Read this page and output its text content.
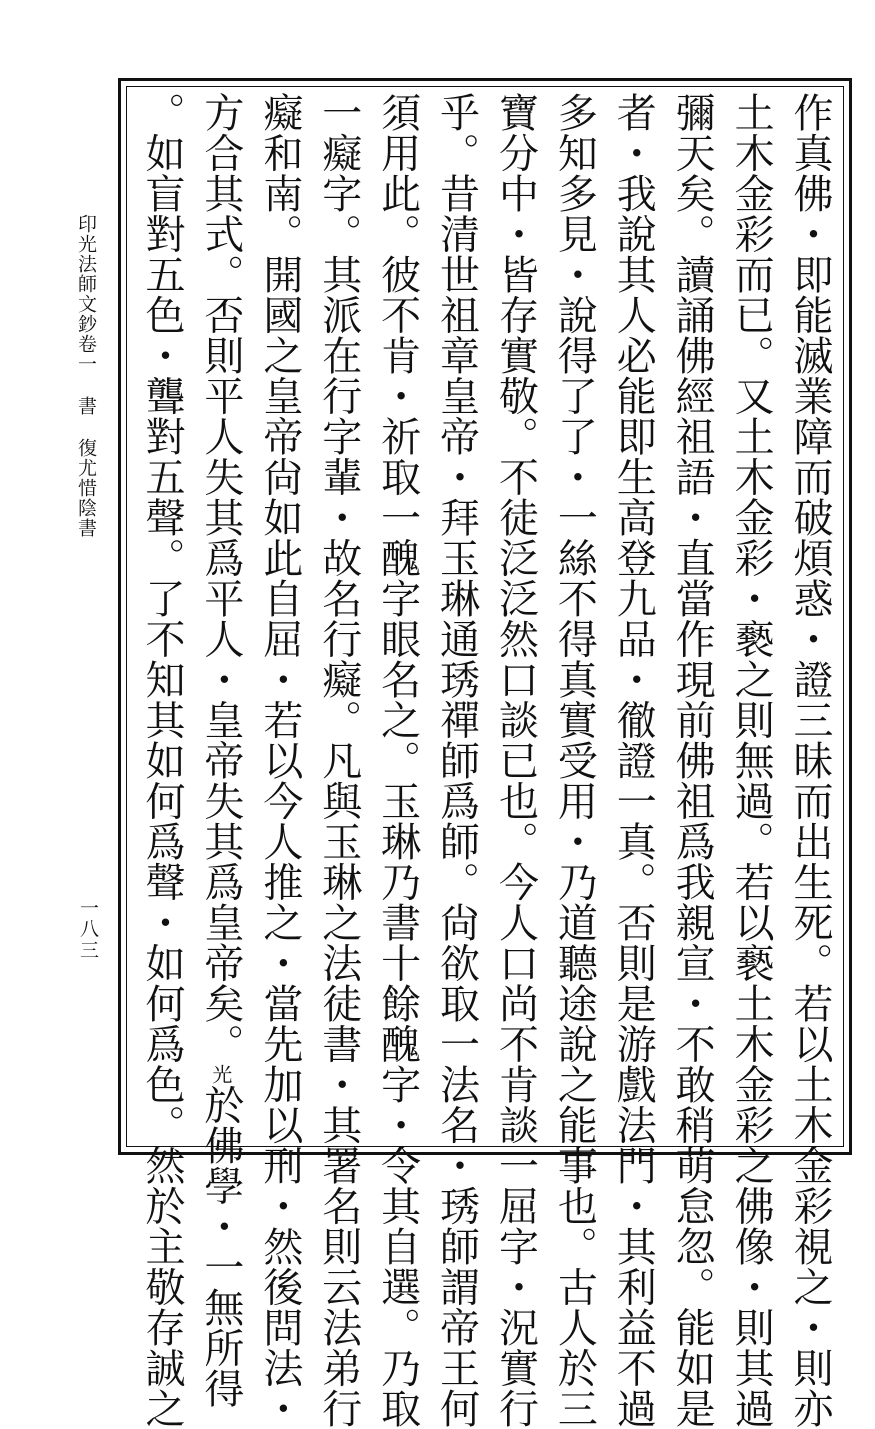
印光法師文鈔卷一書復尤惜陰書
一八三	作真佛・即能滅業障而破煩惑・證三昧而出生死。若以土木金彩視之・則亦
土木金彩而已。又土木金彩・褻之則無過。若以褻土木金彩之佛像・則其過
彌天矣。讀誦佛經祖語・直當作現前佛祖爲我親宣・不敢稍萌怠忽。能如是
者・我說其人必能即生高登九品・徹證一真。否則是游戲法門・其利益不過
多知多見・說得了了・一絲不得真實受用・乃道聽途說之能事也。古人於三
寶分中・皆存實敬。不徒泛泛然口談已也。今人口尚不肯談一屈字・況實行
乎。昔清世祖章皇帝・拜玉琳通琇禪師爲師。尙欲取一法名・琇師謂帝王何
須用此。彼不肯・祈取一醜字眼名之。玉琳乃書十餘醜字・令其自選。乃取
一癡字。其派在行字輩・故名行癡。凡與玉琳之法徒書・其署名則云法弟行
癡和南。開國之皇帝尙如此自屈・若以今人推之・當先加以刑・然後問法・
方合其式。否則平人失其爲平人・皇帝失其爲皇帝矣。光於佛學・一無所得
。如盲對五色・聾對五聲。了不知其如何爲聲・如何爲色。然於主敬存誠之
